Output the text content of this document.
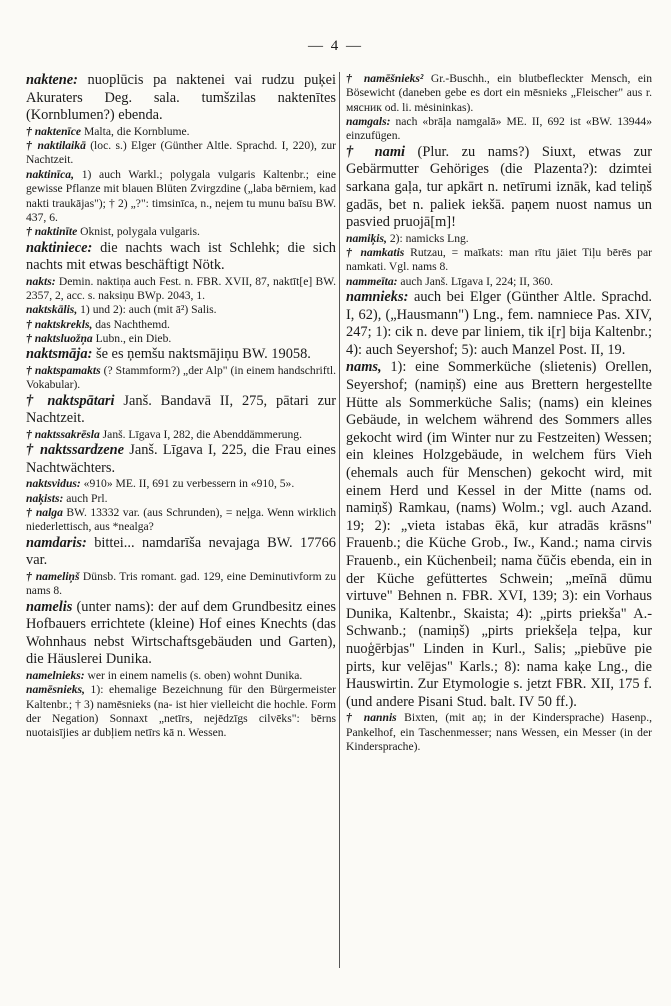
— 4 —

naktene: nuoplūcis pa naktenei vai rudzu puķei Akuraters Deg. sala. tumšzilas naktenītes (Kornblumen?) ebenda.

† naktenīce Malta, die Kornblume.

† naktilaikā (loc. s.) Elger (Günther Altle. Sprachd. I, 220), zur Nachtzeit.

naktinīca, 1) auch Warkl.; polygala vulgaris Kaltenbr.; eine gewisse Pflanze mit blauen Blüten Zvirgzdine („laba bērniem, kad nakti traukājas"); † 2) „?": timsinīca, n., neįem tu munu baīsu BW. 437, 6.

† naktinīte Oknist, polygala vulgaris.

naktiniece: die nachts wach ist Schlehk; die sich nachts mit etwas beschäftigt Nötk.

nakts: Demin. naktiņa auch Fest. n. FBR. XVII, 87, naktīt[e] BW. 2357, 2, acc. s. naksiņu BWp. 2043, 1.

naktskālis, 1) und 2): auch (mit ā²) Salis.

† naktskrekls, das Nachthemd.

† naktsluožņa Lubn., ein Dieb.

naktsmāja: še es ņemšu naktsmājiņu BW. 19058.

† naktspamakts (? Stammform?) „der Alp" (in einem handschriftl. Vokabular).

† naktspātari Janš. Bandavā II, 275, pātari zur Nachtzeit.

† naktssakrēsla Janš. Līgava I, 282, die Abenddämmerung.

† naktssardzene Janš. Līgava I, 225, die Frau eines Nachtwächters.

naktsvidus: «910» ME. II, 691 zu verbessern in «910, 5».

naķists: auch Prl.

† nalga BW. 13332 var. (aus Schrunden), = neļga. Wenn wirklich niederlettisch, aus *nealga?

namdaris: bittei... namdarīša nevajaga BW. 17766 var.

† nameliņš Dünsb. Tris romant. gad. 129, eine Deminutivform zu nams 8.

namelis (unter nams): der auf dem Grundbesitz eines Hofbauers errichtete (kleine) Hof eines Knechts (das Wohnhaus nebst Wirtschaftsgebäuden und Garten), die Häuslerei Dunika.

namelnieks: wer in einem namelis (s. oben) wohnt Dunika.

namēsnieks, 1): ehemalige Bezeichnung für den Bürgermeister Kaltenbr.; † 3) namēsnieks (na- ist hier vielleicht die hochle. Form der Negation) Sonnaxt „netīrs, nejēdzīgs cilvēks": bērns nuotaisījies ar dubļiem netīrs kā n. Wessen.

† namēšnieks² Gr.-Buschh., ein blutbefleckter Mensch, ein Bösewicht (daneben gebe es dort ein mēsnieks „Fleischer" aus r. мясник od. li. mėsininkas).

namgals: nach «brāļa namgalā» ME. II, 692 ist «BW. 13944» einzufügen.

† nami (Plur. zu nams?) Siuxt, etwas zur Gebärmutter Gehöriges (die Plazenta?): dzimtei sarkana gaļa, tur apkārt n. netīrumi iznāk, kad teliņš gadās, bet n. paliek iekšā. paņem nuost namus un pasvied pruojā[m]!

namiķis, 2): namicks Lng.

† namkatis Rutzau, = maīkats: man rītu jāiet Tiļu bērēs par namkati. Vgl. nams 8.

nammeīta: auch Janš. Līgava I, 224; II, 360.

namnieks: auch bei Elger (Günther Altle. Sprachd. I, 62), („Hausmann") Lng., fem. namniece Pas. XIV, 247; 1): cik n. deve par liniem, tik i[r] bija Kaltenbr.; 4): auch Seyershof; 5): auch Manzel Post. II, 19.

nams, 1): eine Sommerküche (slietenis) Orellen, Seyershof; (namiņš) eine aus Brettern hergestellte Hütte als Sommerküche Salis; (nams) ein kleines Gebäude, in welchem während des Sommers alles gekocht wird (im Winter nur zu Festzeiten) Wessen; ein kleines Holzgebäude, in welchem fürs Vieh (ehemals auch für Menschen) gekocht wird, mit einem Herd und Kessel in der Mitte (nams od. namiņš) Ramkau, (nams) Wolm.; vgl. auch Azand. 19; 2): „vieta istabas ēkā, kur atradās krāsns" Frauenb.; die Küche Grob., Iw., Kand.; nama cirvis Frauenb., ein Küchenbeil; nama čūčis ebenda, ein in der Küche gefüttertes Schwein; „meīnā dūmu virtuve" Behnen n. FBR. XVI, 139; 3): ein Vorhaus Dunika, Kaltenbr., Skaista; 4): „pirts priekša" A.-Schwanb.; (namiņš) „pirts priekšeļa teļpa, kur nuoģērbjas" Linden in Kurl., Salis; „piebūve pie pirts, kur velējas" Karls.; 8): nama kaķe Lng., die Hauswirtin. Zur Etymologie s. jetzt FBR. XII, 175 f. (und andere Pisani Stud. balt. IV 50 ff.).

† nannis Bixten, (mit aņ; in der Kindersprache) Hasenp., Pankelhof, ein Taschenmesser; nans Wessen, ein Messer (in der Kindersprache).
